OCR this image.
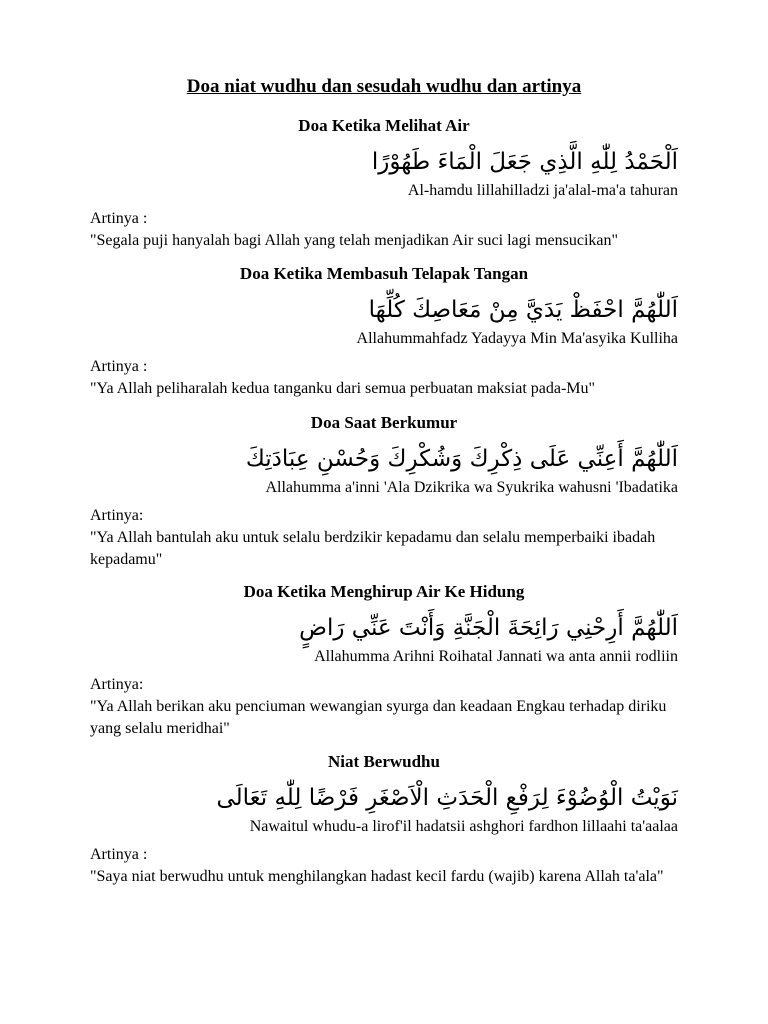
Doa niat wudhu dan sesudah wudhu dan artinya
Doa Ketika Melihat Air
اَلْحَمْدُ لِلّٰهِ الَّذِي جَعَلَ الْمَاءَ طَهُوْرًا
Al-hamdu lillahilladzi ja'alal-ma'a tahuran
Artinya :
"Segala puji hanyalah bagi Allah yang telah menjadikan Air suci lagi mensucikan"
Doa Ketika Membasuh Telapak Tangan
اَللّٰهُمَّ احْفَظْ يَدَيَّ مِنْ مَعَاصِكَ كُلِّهَا
Allahummahfadz Yadayya Min Ma'asyika Kulliha
Artinya :
"Ya Allah peliharalah kedua tanganku dari semua perbuatan maksiat pada-Mu"
Doa Saat Berkumur
اَللّٰهُمَّ أَعِنِّي عَلَى ذِكْرِكَ وَشُكْرِكَ وَحُسْنِ عِبَادَتِكَ
Allahumma a'inni 'Ala Dzikrika wa Syukrika wahusni 'Ibadatika
Artinya:
"Ya Allah bantulah aku untuk selalu berdzikir kepadamu dan selalu memperbaiki ibadah kepadamu"
Doa Ketika Menghirup Air Ke Hidung
اَللّٰهُمَّ أَرِحْنِي رَائِحَةَ الْجَنَّةِ وَأَنْتَ عَنِّي رَاضٍ
Allahumma Arihni Roihatal Jannati wa anta annii rodliin
Artinya:
"Ya Allah berikan aku penciuman wewangian syurga dan keadaan Engkau terhadap diriku yang selalu meridhai"
Niat Berwudhu
نَوَيْتُ الْوُضُوْءَ لِرَفْعِ الْحَدَثِ الْاَصْغَرِ فَرْضًا لِلّٰهِ تَعَالَى
Nawaitul whudu-a lirof'il hadatsii ashghori fardhon lillaahi ta'aalaa
Artinya :
"Saya niat berwudhu untuk menghilangkan hadast kecil fardu (wajib) karena Allah ta'ala"
